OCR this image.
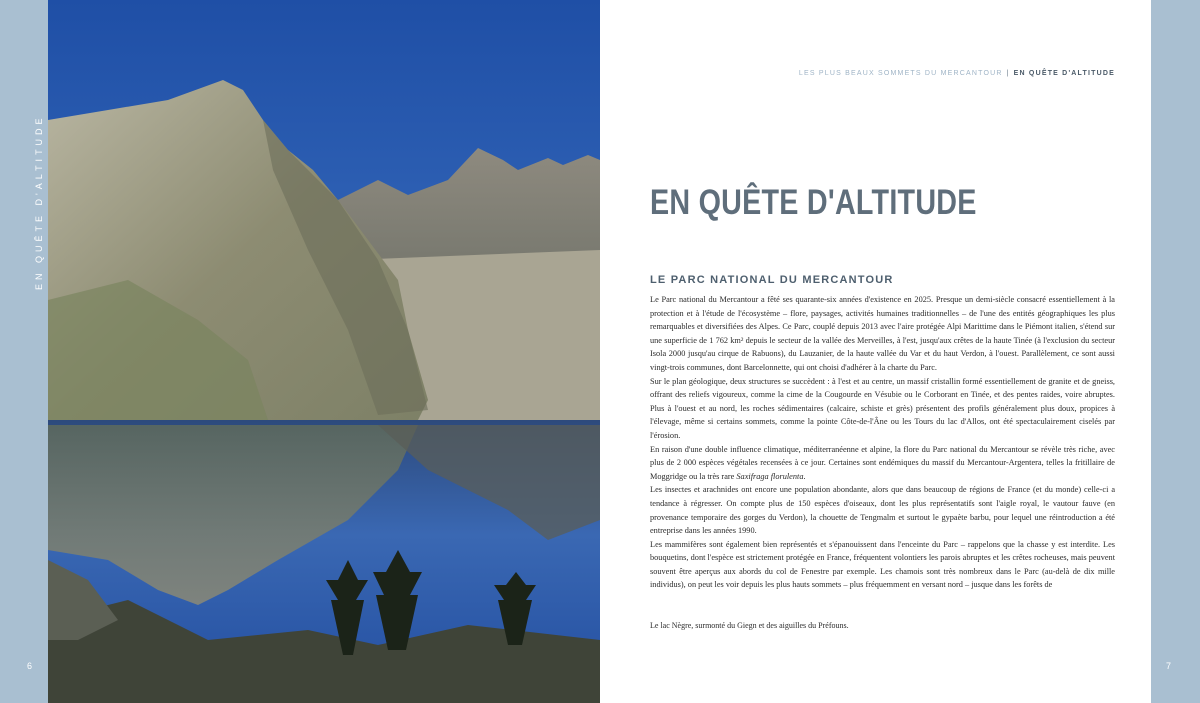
EN QUÊTE D'ALTITUDE
6
LES PLUS BEAUX SOMMETS DU MERCANTOUR | EN QUÊTE D'ALTITUDE
EN QUÊTE D'ALTITUDE
LE PARC NATIONAL DU MERCANTOUR

Le Parc national du Mercantour a fêté ses quarante-six années d'existence en 2025. Presque un demi-siècle consacré essentiellement à la protection et à l'étude de l'écosystème – flore, paysages, activités humaines traditionnelles – de l'une des entités géographiques les plus remarquables et diversifiées des Alpes. Ce Parc, couplé depuis 2013 avec l'aire protégée Alpi Marittime dans le Piémont italien, s'étend sur une superficie de 1 762 km² depuis le secteur de la vallée des Merveilles, à l'est, jusqu'aux crêtes de la haute Tinée (à l'exclusion du secteur Isola 2000 jusqu'au cirque de Rabuons), du Lauzanier, de la haute vallée du Var et du haut Verdon, à l'ouest. Parallèlement, ce sont aussi vingt-trois communes, dont Barcelonnette, qui ont choisi d'adhérer à la charte du Parc.

Sur le plan géologique, deux structures se succèdent : à l'est et au centre, un massif cristallin formé essentiellement de granite et de gneiss, offrant des reliefs vigoureux, comme la cime de la Cougourde en Vésubie ou le Corborant en Tinée, et des pentes raides, voire abruptes. Plus à l'ouest et au nord, les roches sédimentaires (calcaire, schiste et grès) présentent des profils généralement plus doux, propices à l'élevage, même si certains sommets, comme la pointe Côte-de-l'Âne ou les Tours du lac d'Allos, ont été spectaculairement ciselés par l'érosion.

En raison d'une double influence climatique, méditerranéenne et alpine, la flore du Parc national du Mercantour se révèle très riche, avec plus de 2 000 espèces végétales recensées à ce jour. Certaines sont endémiques du massif du Mercantour-Argentera, telles la fritillaire de Moggridge ou la très rare Saxifraga florulenta.

Les insectes et arachnides ont encore une population abondante, alors que dans beaucoup de régions de France (et du monde) celle-ci a tendance à régresser. On compte plus de 150 espèces d'oiseaux, dont les plus représentatifs sont l'aigle royal, le vautour fauve (en provenance temporaire des gorges du Verdon), la chouette de Tengmalm et surtout le gypaète barbu, pour lequel une réintroduction a été entreprise dans les années 1990.

Les mammifères sont également bien représentés et s'épanouissent dans l'enceinte du Parc – rappelons que la chasse y est interdite. Les bouquetins, dont l'espèce est strictement protégée en France, fréquentent volontiers les parois abruptes et les crêtes rocheuses, mais peuvent souvent être aperçus aux abords du col de Fenestre par exemple. Les chamois sont très nombreux dans le Parc (au-delà de dix mille individus), on peut les voir depuis les plus hauts sommets – plus fréquemment en versant nord – jusque dans les forêts de

Le lac Nègre, surmonté du Giegn et des aiguilles du Préfouns.
7
